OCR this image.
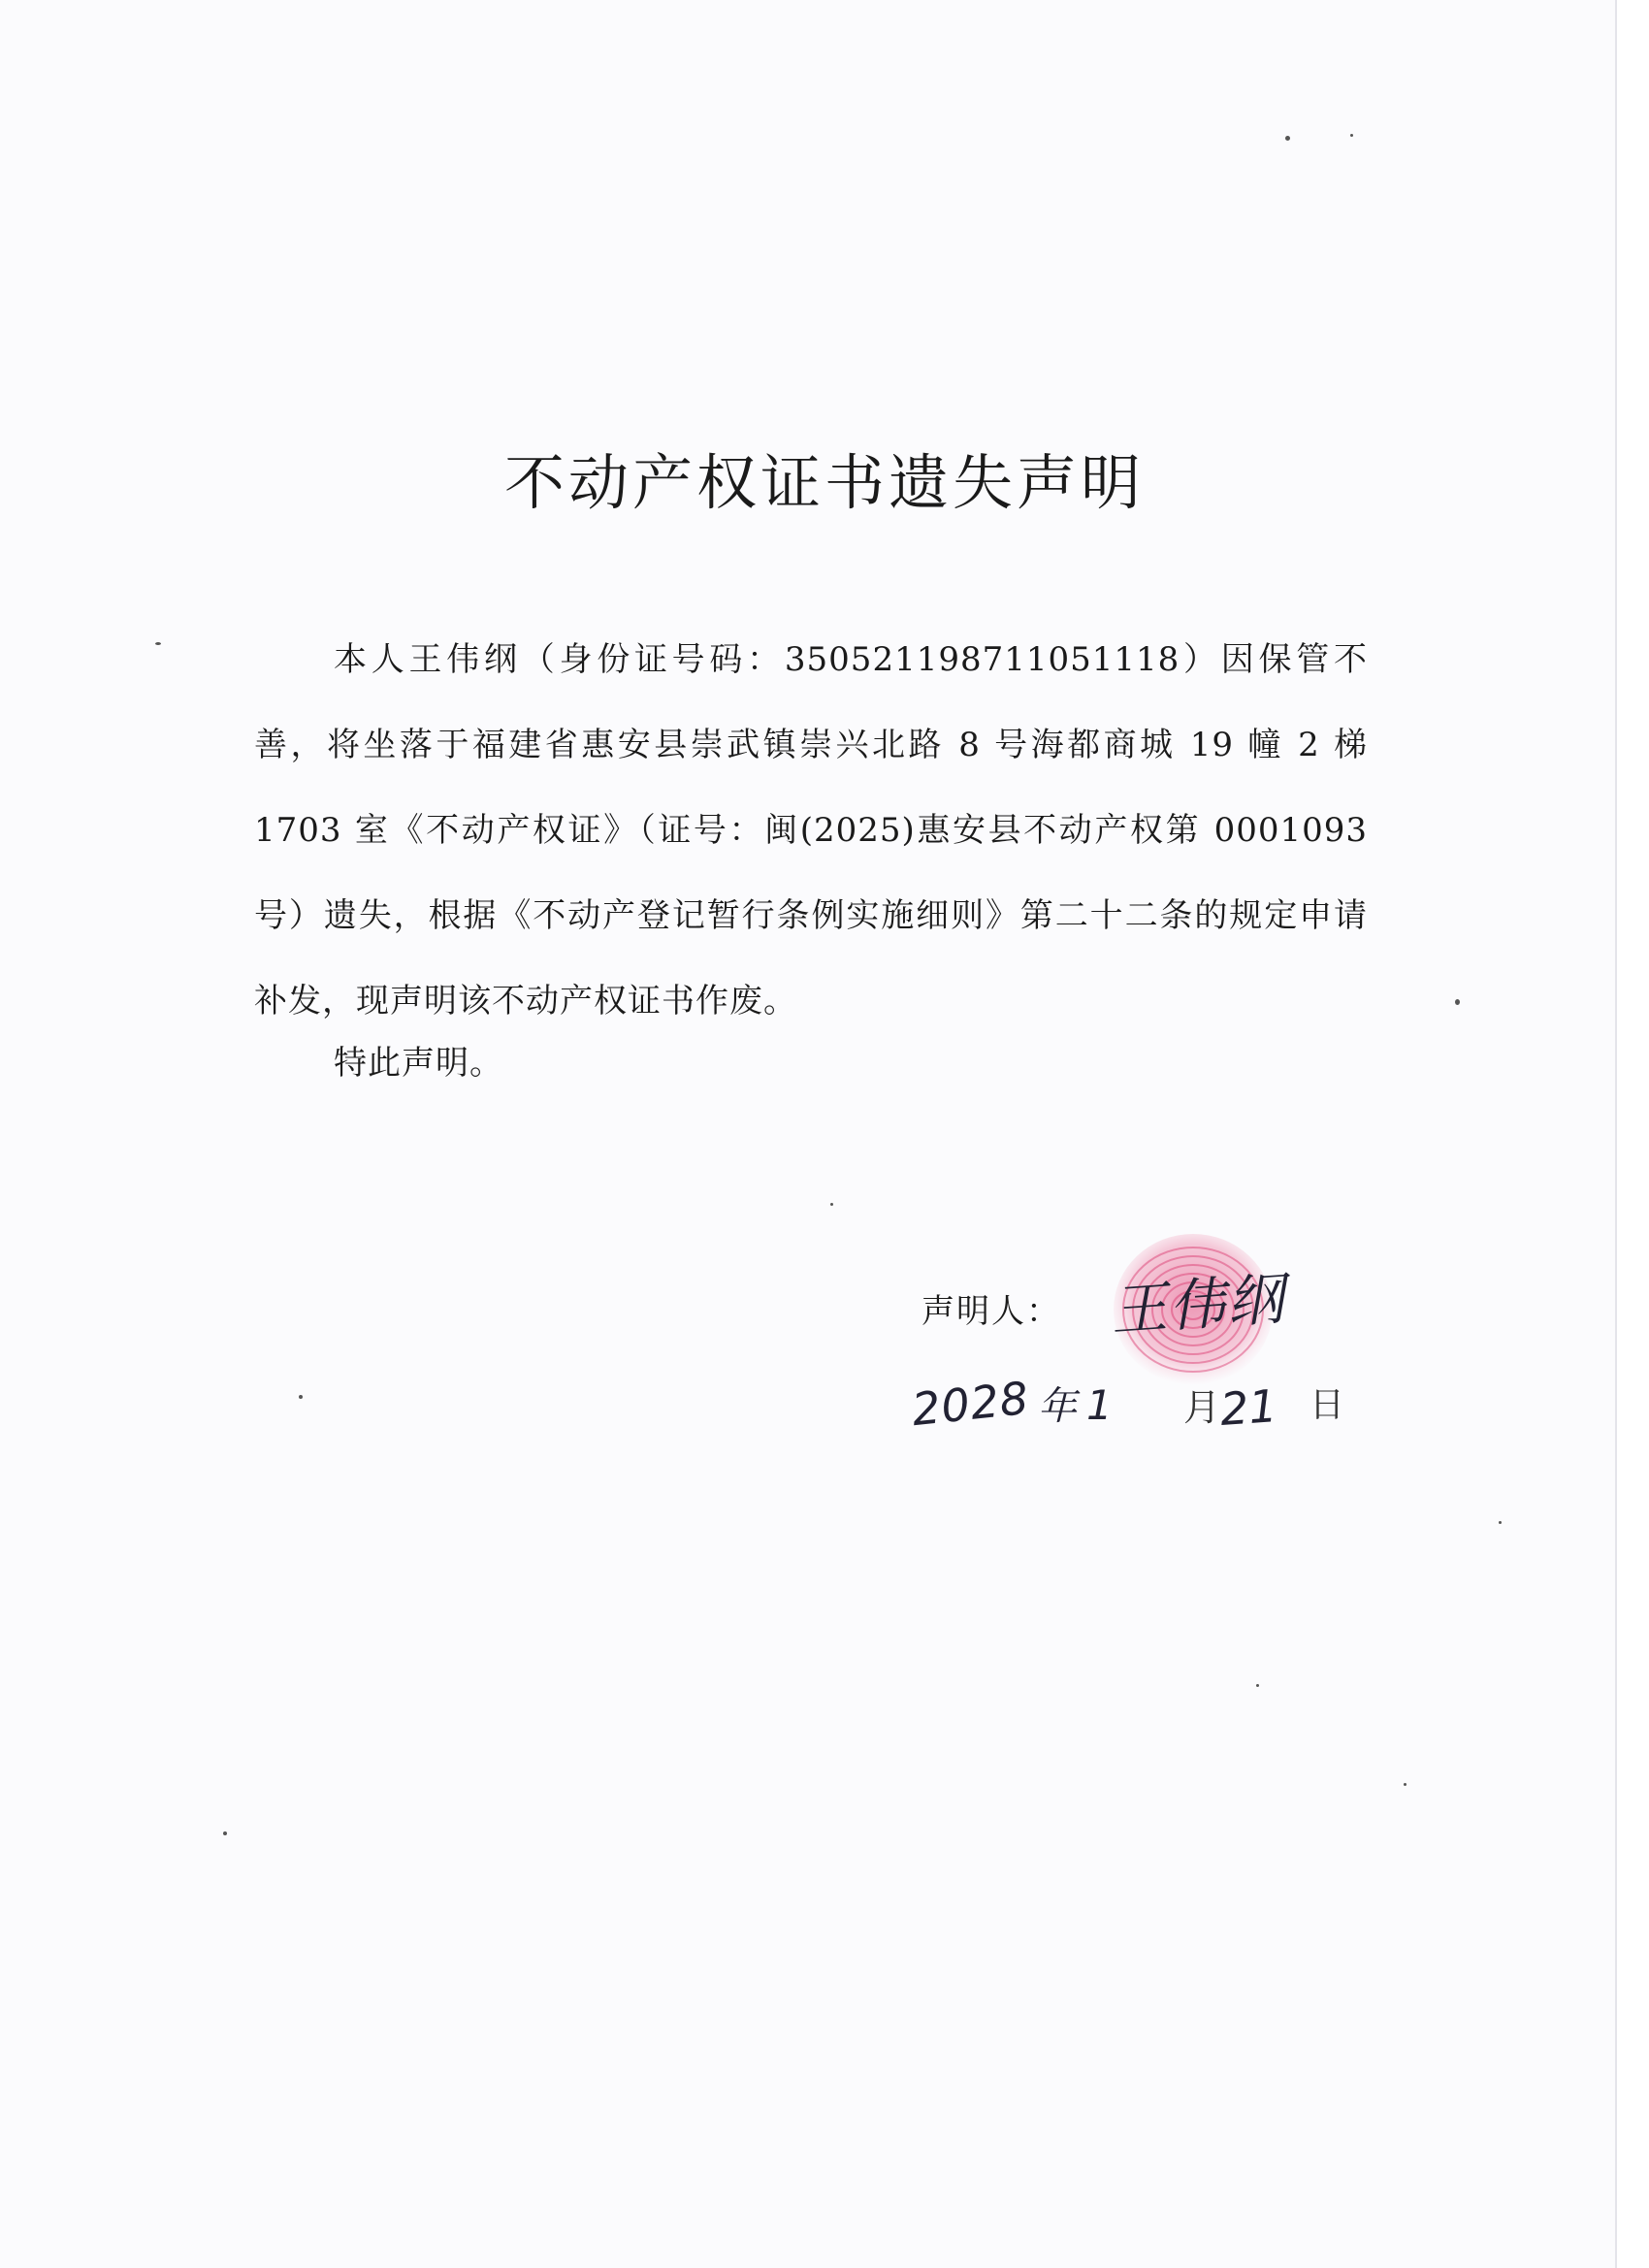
不动产权证书遗失声明

本人王伟纲（身份证号码：350521198711051118）因保管不善，将坐落于福建省惠安县崇武镇崇兴北路 8 号海都商城 19 幢 2 梯 1703 室《不动产权证》（证号：闽(2025)惠安县不动产权第 0001093 号）遗失，根据《不动产登记暂行条例实施细则》第二十二条的规定申请补发，现声明该不动产权证书作废。

特此声明。

声明人： 王伟纲
2028 年 1 月
21 日
